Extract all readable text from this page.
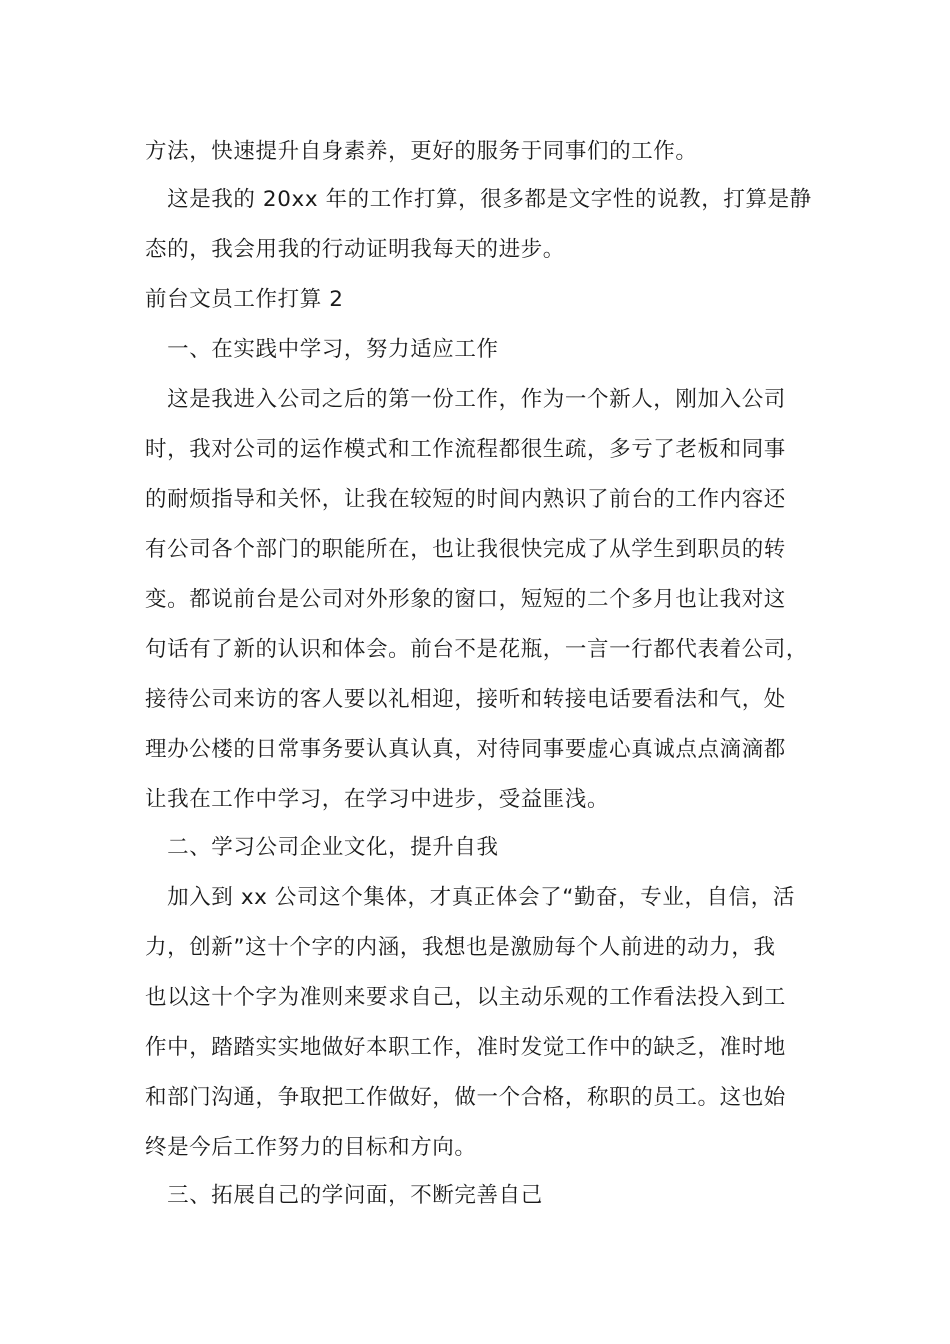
方法，快速提升自身素养，更好的服务于同事们的工作。
　这是我的 20xx 年的工作打算，很多都是文字性的说教，打算是静
态的，我会用我的行动证明我每天的进步。
前台文员工作打算 2
　一、在实践中学习，努力适应工作
　这是我进入公司之后的第一份工作，作为一个新人，刚加入公司
时，我对公司的运作模式和工作流程都很生疏，多亏了老板和同事
的耐烦指导和关怀，让我在较短的时间内熟识了前台的工作内容还
有公司各个部门的职能所在，也让我很快完成了从学生到职员的转
变。都说前台是公司对外形象的窗口，短短的二个多月也让我对这
句话有了新的认识和体会。前台不是花瓶，一言一行都代表着公司，
接待公司来访的客人要以礼相迎，接听和转接电话要看法和气，处
理办公楼的日常事务要认真认真，对待同事要虚心真诚点点滴滴都
让我在工作中学习，在学习中进步，受益匪浅。
　二、学习公司企业文化，提升自我
　加入到 xx 公司这个集体，才真正体会了“勤奋，专业，自信，活
力，创新”这十个字的内涵，我想也是激励每个人前进的动力，我
也以这十个字为准则来要求自己，以主动乐观的工作看法投入到工
作中，踏踏实实地做好本职工作，准时发觉工作中的缺乏，准时地
和部门沟通，争取把工作做好，做一个合格，称职的员工。这也始
终是今后工作努力的目标和方向。
　三、拓展自己的学问面，不断完善自己
